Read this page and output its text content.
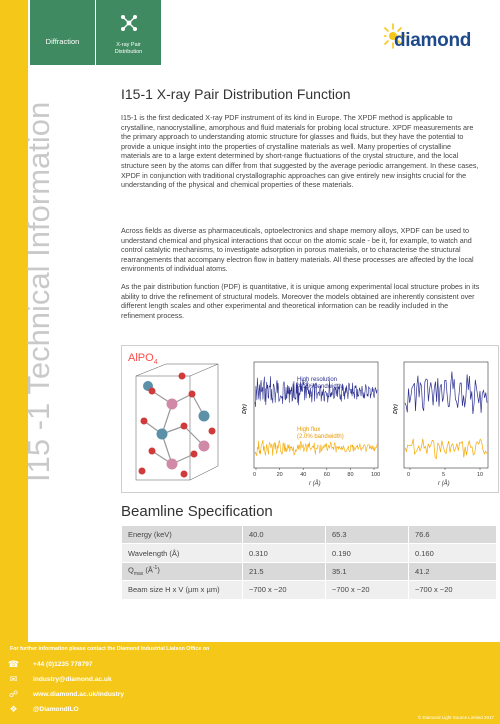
Diffraction	X-ray Pair
Distribution
diamond
I15 -1 Technical Information
I15-1 X-ray Pair Distribution Function

I15-1 is the first dedicated X-ray PDF instrument of its kind in Europe. The XPDF method is applicable to crystalline, nanocrystalline, amorphous and fluid materials for probing local structure. XPDF measurements are the primary approach to understanding atomic structure for glasses and fluids, but they have the potential to provide a unique insight into the properties of crystalline materials as well. Many properties of crystalline materials are to a large extent determined by short-range fluctuations of the crystal structure, and the local structure seen by the atoms can differ from that suggested by the average periodic arrangement. In these cases, XPDF in conjunction with traditional crystallographic approaches can give entirely new insights crucial for the understanding of the physical and chemical properties of these materials.

Across fields as diverse as pharmaceuticals, optoelectronics and shape memory alloys, XPDF can be used to understand chemical and physical interactions that occur on the atomic scale - be it, for example, to watch and control catalytic mechanisms, to investigate adsorption in porous materials, or to characterise the structural rearrangements that accompany electron flow in battery materials. All these processes are affected by the local environments of individual atoms.

As the pair distribution function (PDF) is quantitative, it is unique among experimental local structure probes in its ability to drive the refinement of structural models. Moreover the models obtained are inherently consistent over different length scales and other experimental and theoretical information can be readily included in the refinement process.

AlPO$_4$
High resolution
(0.2% bandwidth)
High flux
(2.0% bandwidth)
D(r)
r (Å)
0	20	40	60	80	100
D(r)
r (Å)
0	5	10
Beamline Specification
Energy (keV)	40.0	65.3	76.6
Wavelength (Å)	0.310	0.190	0.160
$Q_{max}$ $(Å^{-1})$	21.5	35.1	41.2
Beam size H x V (µm x µm)	~700 x ~20	~700 x ~20	~700 x ~20
For further information please contact the Diamond Industrial Liaison Office on
☎ +44 (0)1235 778797
✉ industry@diamond.ac.uk
☍ www.diamond.ac.uk/industry
❖ @DiamondILO
© Diamond Light Source Limited 2017
